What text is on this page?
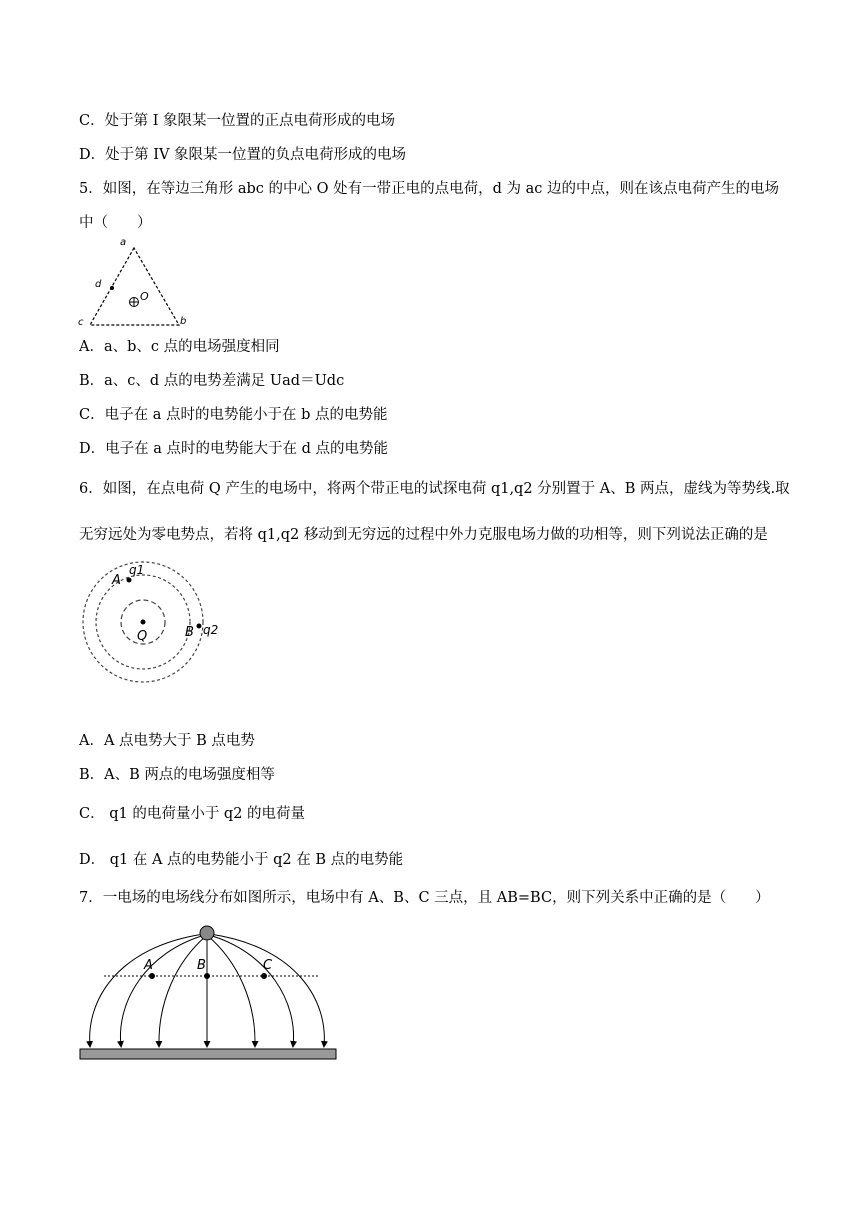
C．处于第 I 象限某一位置的正点电荷形成的电场
D．处于第 IV 象限某一位置的负点电荷形成的电场
5．如图，在等边三角形 abc 的中心 O 处有一带正电的点电荷，d 为 ac 边的中点，则在该点电荷产生的电场
中（　　）
a
d
O
c	b
A．a、b、c 点的电场强度相同
B．a、c、d 点的电势差满足 Uad＝Udc
C．电子在 a 点时的电势能小于在 b 点的电势能
D．电子在 a 点时的电势能大于在 d 点的电势能
6．如图，在点电荷 Q 产生的电场中，将两个带正电的试探电荷 q1,q2 分别置于 A、B 两点，虚线为等势线.取
无穷远处为零电势点，若将 q1,q2 移动到无穷远的过程中外力克服电场力做的功相等，则下列说法正确的是
Q
A
q1
B q2
A．A 点电势大于 B 点电势
B．A、B 两点的电场强度相等
C． q1 的电荷量小于 q2 的电荷量
D． q1 在 A 点的电势能小于 q2 在 B 点的电势能
7．一电场的电场线分布如图所示，电场中有 A、B、C 三点，且 AB=BC，则下列关系中正确的是（　　）
A	B	C
